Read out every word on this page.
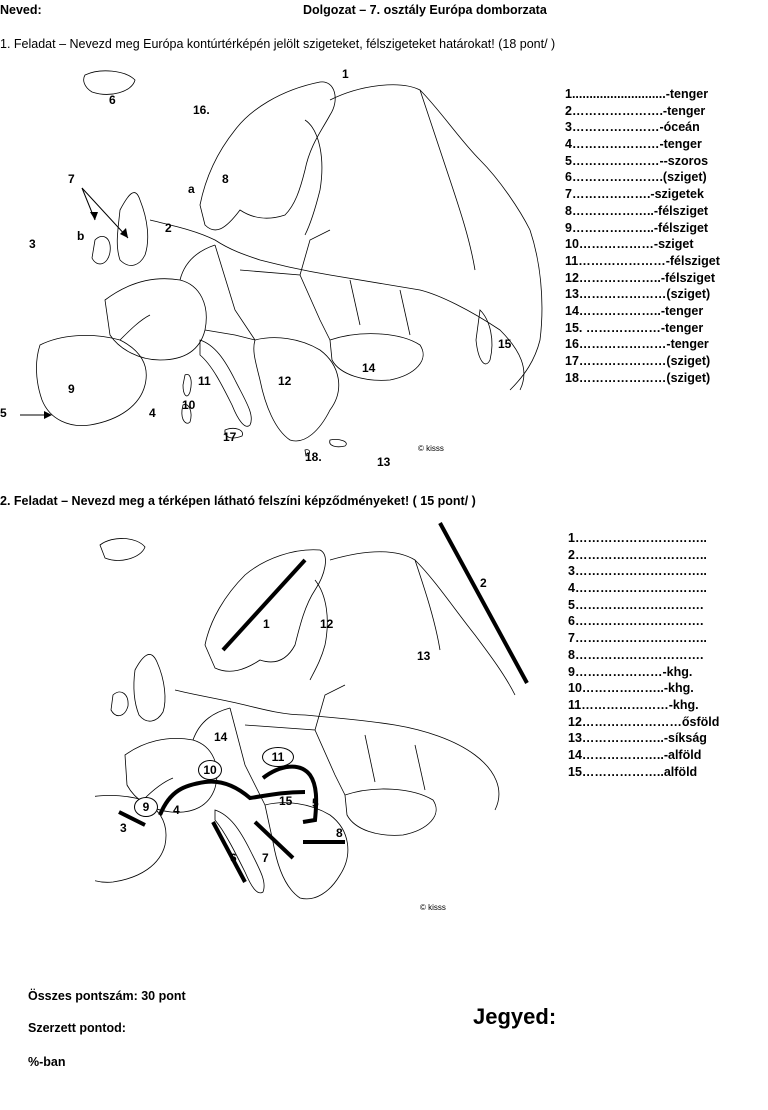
Neved:	Dolgozat – 7. osztály Európa domborzata
1. Feladat – Nevezd meg Európa kontúrtérképén jelölt szigeteket, félszigeteket határokat! (18 pont/ )
1
6
16.
7
a
8
b
2
3
15
14
9
11	12
5
10
4
17
18.	13
© kisss
1...........................-tenger
2………………….-tenger
3…………………-óceán
4…………………-tenger
5…………………--szoros
6………………….(sziget)
7……………….-szigetek
8………………..-félsziget
9………………..-félsziget
10………………-sziget
11…………………-félsziget
12………………..-félsziget
13…………………(sziget)
14………………..-tenger
15. ………………-tenger
16…………………-tenger
17…………………(sziget)
18…………………(sziget)
2. Feladat – Nevezd meg a térképen látható felszíni képződményeket! ( 15 pont/ )
2
1	12
13
14
11
10
9	4
15 5
3	8
6 7
© kisss
1…………………………..
2…………………………..
3…………………………..
4…………………………..
5………………………….
6………………………….
7…………………………..
8………………………….
9…………………-khg.
10………………..-khg.
11…………………-khg.
12……………………ősföld
13………………..-síkság
14………………..-alföld
15………………..alföld
Összes pontszám: 30 pont
Szerzett pontod:
%-ban
Jegyed:
